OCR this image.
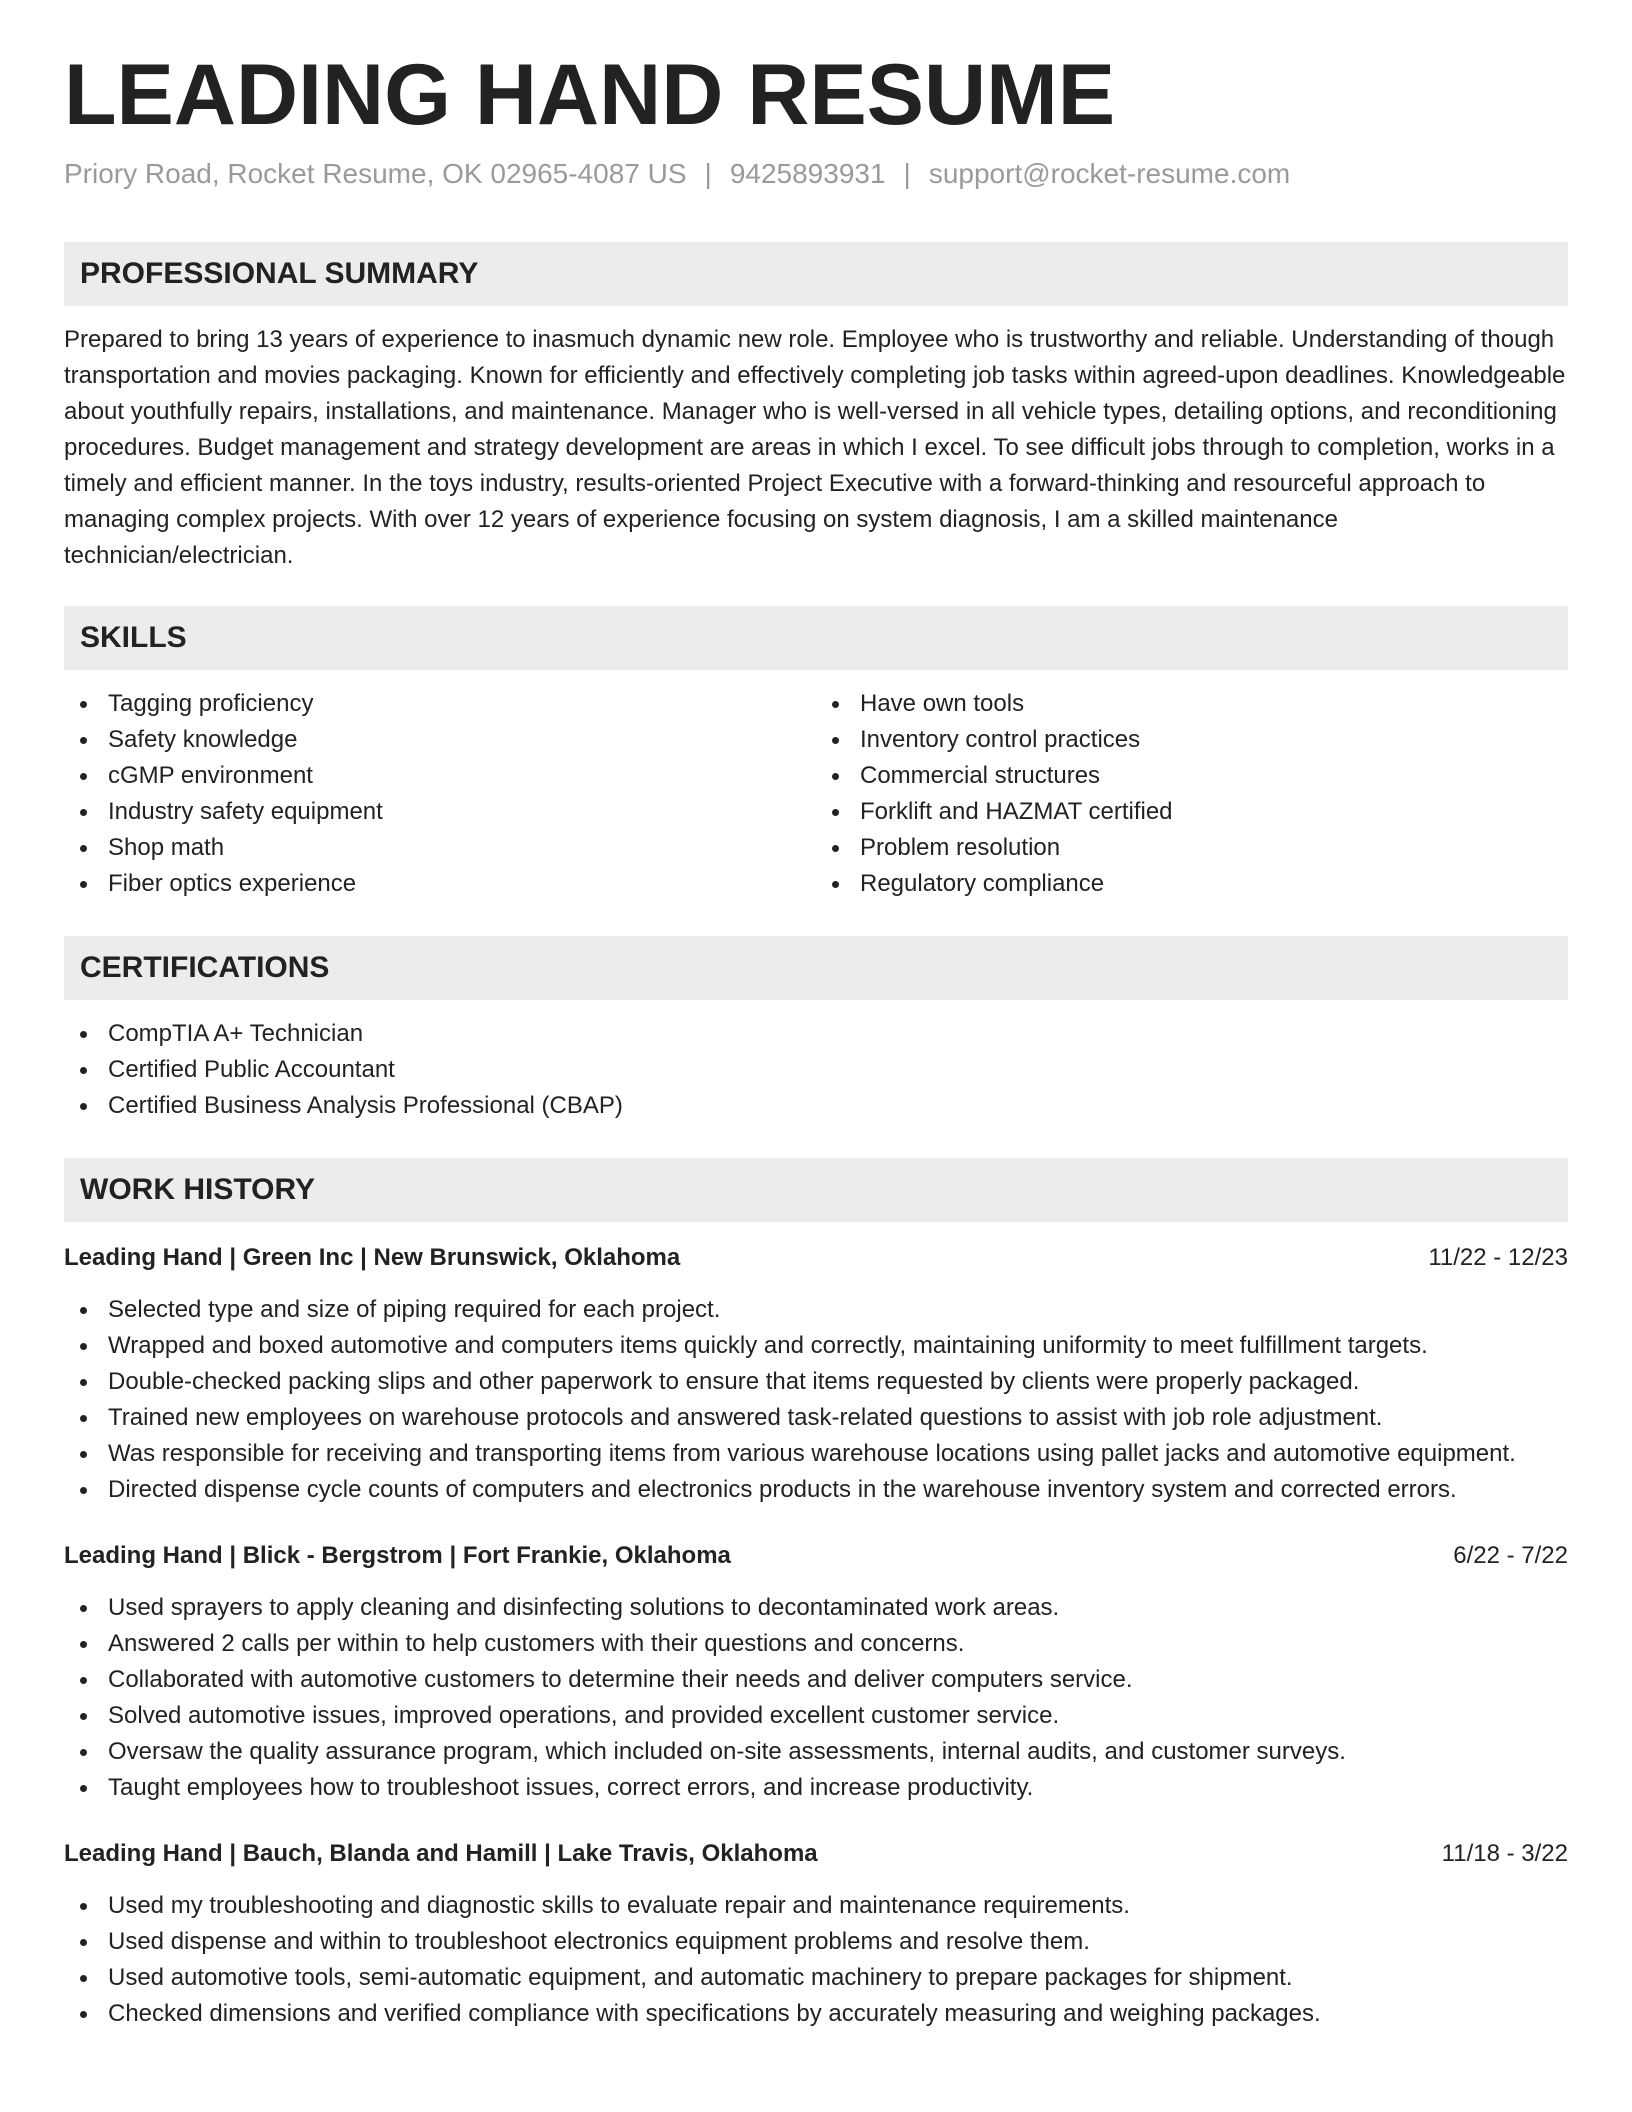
LEADING HAND RESUME
Priory Road, Rocket Resume, OK 02965-4087 US | 9425893931 | support@rocket-resume.com
PROFESSIONAL SUMMARY
Prepared to bring 13 years of experience to inasmuch dynamic new role. Employee who is trustworthy and reliable. Understanding of though transportation and movies packaging. Known for efficiently and effectively completing job tasks within agreed-upon deadlines. Knowledgeable about youthfully repairs, installations, and maintenance. Manager who is well-versed in all vehicle types, detailing options, and reconditioning procedures. Budget management and strategy development are areas in which I excel. To see difficult jobs through to completion, works in a timely and efficient manner. In the toys industry, results-oriented Project Executive with a forward-thinking and resourceful approach to managing complex projects. With over 12 years of experience focusing on system diagnosis, I am a skilled maintenance technician/electrician.
SKILLS
Tagging proficiency
Safety knowledge
cGMP environment
Industry safety equipment
Shop math
Fiber optics experience
Have own tools
Inventory control practices
Commercial structures
Forklift and HAZMAT certified
Problem resolution
Regulatory compliance
CERTIFICATIONS
CompTIA A+ Technician
Certified Public Accountant
Certified Business Analysis Professional (CBAP)
WORK HISTORY
Leading Hand | Green Inc | New Brunswick, Oklahoma	11/22 - 12/23
Selected type and size of piping required for each project.
Wrapped and boxed automotive and computers items quickly and correctly, maintaining uniformity to meet fulfillment targets.
Double-checked packing slips and other paperwork to ensure that items requested by clients were properly packaged.
Trained new employees on warehouse protocols and answered task-related questions to assist with job role adjustment.
Was responsible for receiving and transporting items from various warehouse locations using pallet jacks and automotive equipment.
Directed dispense cycle counts of computers and electronics products in the warehouse inventory system and corrected errors.
Leading Hand | Blick - Bergstrom | Fort Frankie, Oklahoma	6/22 - 7/22
Used sprayers to apply cleaning and disinfecting solutions to decontaminated work areas.
Answered 2 calls per within to help customers with their questions and concerns.
Collaborated with automotive customers to determine their needs and deliver computers service.
Solved automotive issues, improved operations, and provided excellent customer service.
Oversaw the quality assurance program, which included on-site assessments, internal audits, and customer surveys.
Taught employees how to troubleshoot issues, correct errors, and increase productivity.
Leading Hand | Bauch, Blanda and Hamill | Lake Travis, Oklahoma	11/18 - 3/22
Used my troubleshooting and diagnostic skills to evaluate repair and maintenance requirements.
Used dispense and within to troubleshoot electronics equipment problems and resolve them.
Used automotive tools, semi-automatic equipment, and automatic machinery to prepare packages for shipment.
Checked dimensions and verified compliance with specifications by accurately measuring and weighing packages.
